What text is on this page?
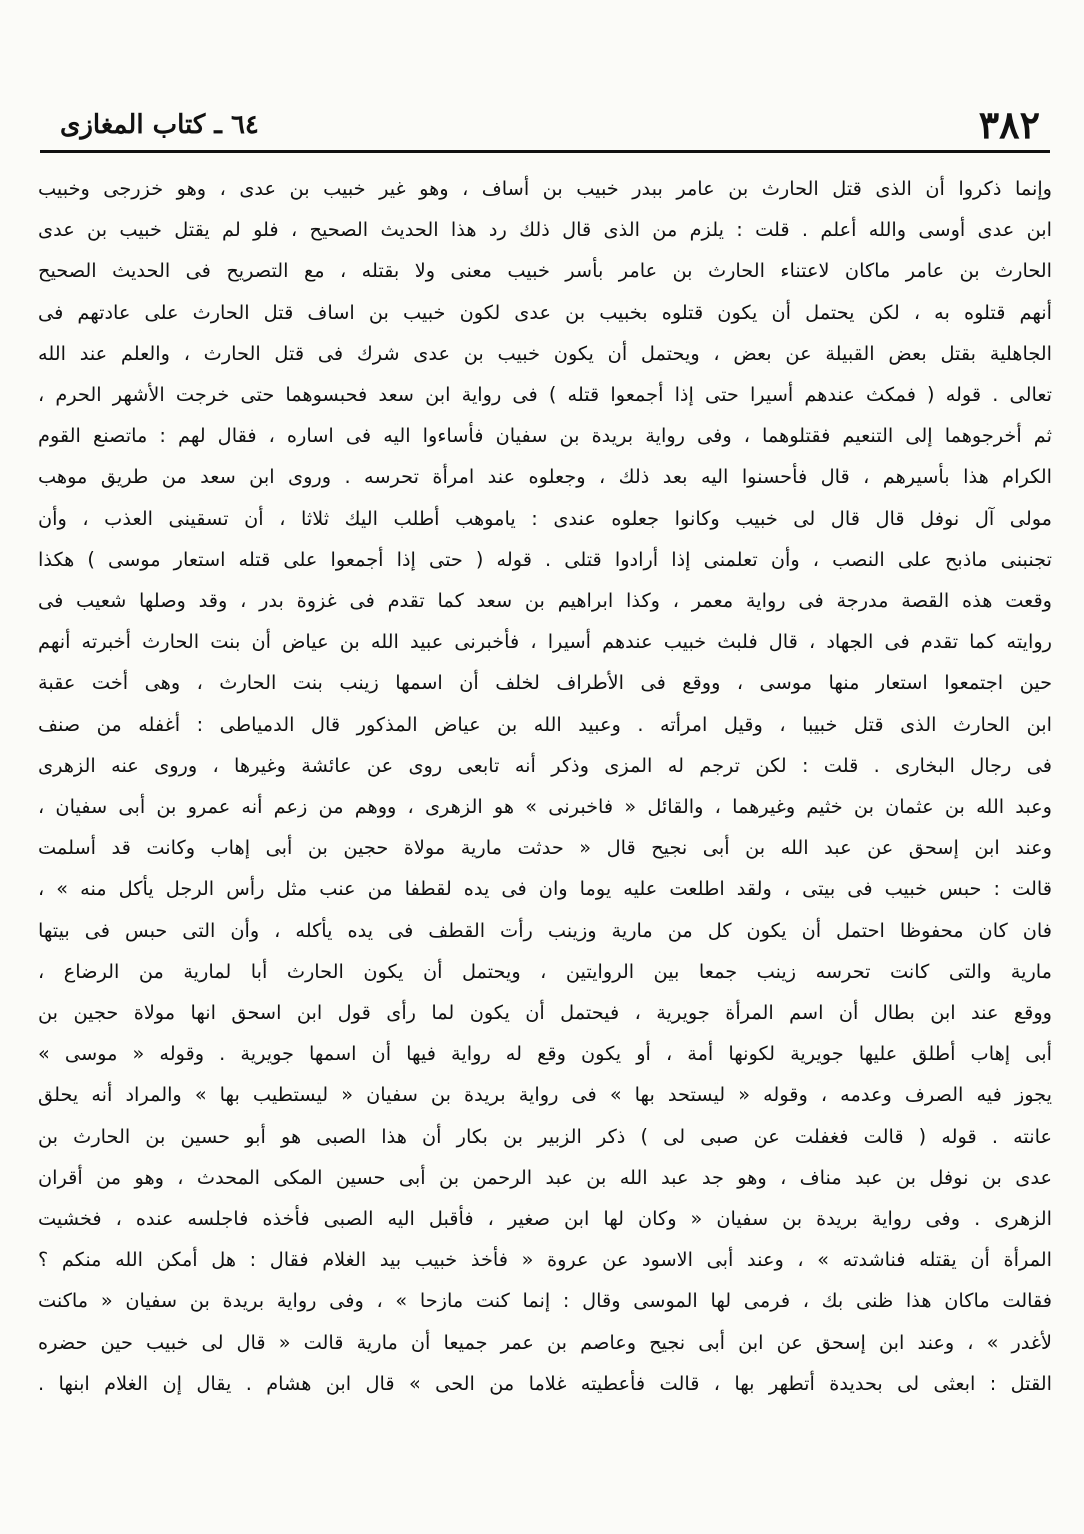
٣٨٢
٦٤ ـ كتاب المغازى
وإنما ذكروا أن الذى قتل الحارث بن عامر ببدر خبيب بن أساف ، وهو غير خبيب بن عدى ، وهو خزرجى وخبيب
ابن عدى أوسى والله أعلم . قلت : يلزم من الذى قال ذلك رد هذا الحديث الصحيح ، فلو لم يقتل خبيب بن عدى
الحارث بن عامر ماكان لاعتناء الحارث بن عامر بأسر خبيب معنى ولا بقتله ، مع التصريح فى الحديث الصحيح
أنهم قتلوه به ، لكن يحتمل أن يكون قتلوه بخبيب بن عدى لكون خبيب بن اساف قتل الحارث على عادتهم فى
الجاهلية بقتل بعض القبيلة عن بعض ، ويحتمل أن يكون خبيب بن عدى شرك فى قتل الحارث ، والعلم عند الله
تعالى . قوله ( فمكث عندهم أسيرا حتى إذا أجمعوا قتله ) فى رواية ابن سعد فحبسوهما حتى خرجت الأشهر الحرم ،
ثم أخرجوهما إلى التنعيم فقتلوهما ، وفى رواية بريدة بن سفيان فأساءوا اليه فى اساره ، فقال لهم : ماتصنع القوم
الكرام هذا بأسيرهم ، قال فأحسنوا اليه بعد ذلك ، وجعلوه عند امرأة تحرسه . وروى ابن سعد من طريق موهب
مولى آل نوفل قال قال لى خبيب وكانوا جعلوه عندى : ياموهب أطلب اليك ثلاثا ، أن تسقينى العذب ، وأن
تجنبنى ماذبح على النصب ، وأن تعلمنى إذا أرادوا قتلى . قوله ( حتى إذا أجمعوا على قتله استعار موسى ) هكذا
وقعت هذه القصة مدرجة فى رواية معمر ، وكذا ابراهيم بن سعد كما تقدم فى غزوة بدر ، وقد وصلها شعيب فى
روايته كما تقدم فى الجهاد ، قال فلبث خبيب عندهم أسيرا ، فأخبرنى عبيد الله بن عياض أن بنت الحارث أخبرته أنهم
حين اجتمعوا استعار منها موسى ، ووقع فى الأطراف لخلف أن اسمها زينب بنت الحارث ، وهى أخت عقبة
ابن الحارث الذى قتل خبيبا ، وقيل امرأته . وعبيد الله بن عياض المذكور قال الدمياطى : أغفله من صنف
فى رجال البخارى . قلت : لكن ترجم له المزى وذكر أنه تابعى روى عن عائشة وغيرها ، وروى عنه الزهرى
وعبد الله بن عثمان بن خثيم وغيرهما ، والقائل « فاخبرنى » هو الزهرى ، ووهم من زعم أنه عمرو بن أبى سفيان ،
وعند ابن إسحق عن عبد الله بن أبى نجيح قال « حدثت مارية مولاة حجين بن أبى إهاب وكانت قد أسلمت
قالت : حبس خبيب فى بيتى ، ولقد اطلعت عليه يوما وان فى يده لقطفا من عنب مثل رأس الرجل يأكل منه » ،
فان كان محفوظا احتمل أن يكون كل من مارية وزينب رأت القطف فى يده يأكله ، وأن التى حبس فى بيتها
مارية والتى كانت تحرسه زينب جمعا بين الروايتين ، ويحتمل أن يكون الحارث أبا لمارية من الرضاع ،
ووقع عند ابن بطال أن اسم المرأة جويرية ، فيحتمل أن يكون لما رأى قول ابن اسحق انها مولاة حجين بن
أبى إهاب أطلق عليها جويرية لكونها أمة ، أو يكون وقع له رواية فيها أن اسمها جويرية . وقوله « موسى »
يجوز فيه الصرف وعدمه ، وقوله « ليستحد بها » فى رواية بريدة بن سفيان « ليستطيب بها » والمراد أنه يحلق
عانته . قوله ( قالت فغفلت عن صبى لى ) ذكر الزبير بن بكار أن هذا الصبى هو أبو حسين بن الحارث بن
عدى بن نوفل بن عبد مناف ، وهو جد عبد الله بن عبد الرحمن بن أبى حسين المكى المحدث ، وهو من أقران
الزهرى . وفى رواية بريدة بن سفيان « وكان لها ابن صغير ، فأقبل اليه الصبى فأخذه فاجلسه عنده ، فخشيت
المرأة أن يقتله فناشدته » ، وعند أبى الاسود عن عروة « فأخذ خبيب بيد الغلام فقال : هل أمكن الله منكم ؟
فقالت ماكان هذا ظنى بك ، فرمى لها الموسى وقال : إنما كنت مازحا » ، وفى رواية بريدة بن سفيان « ماكنت
لأغدر » ، وعند ابن إسحق عن ابن أبى نجيح وعاصم بن عمر جميعا أن مارية قالت « قال لى خبيب حين حضره
القتل : ابعثى لى بحديدة أتطهر بها ، قالت فأعطيته غلاما من الحى » قال ابن هشام . يقال إن الغلام ابنها .
